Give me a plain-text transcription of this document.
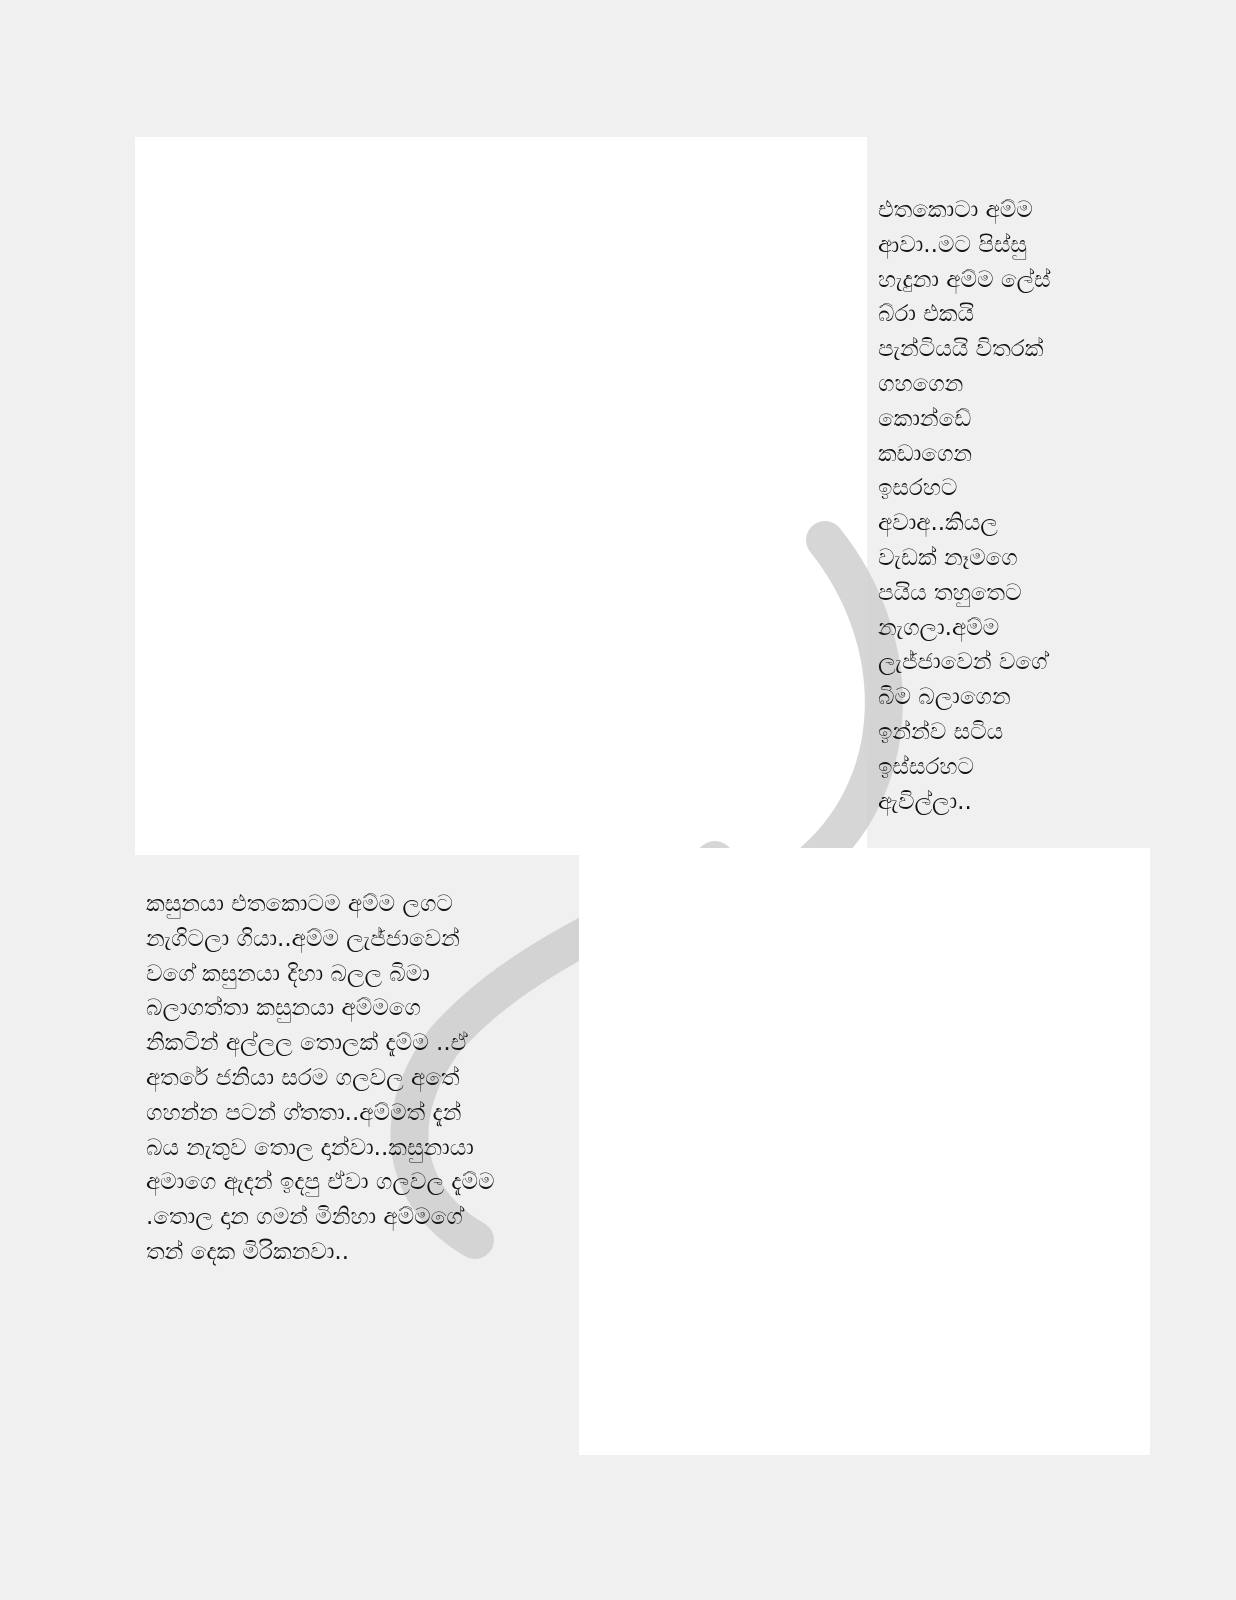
එතකොටා අම්ම
ආවා..මට පිස්සු
හැදුනා අම්ම ලේස්
බ්රා එකයි
පැන්ටියයි විතරක්
ගහගෙන
කොන්ඩේ
කඩාගෙන
ඉසරහට
අවාඅ..කියල
වැඩක් නෑමගෙ
පයිය තහුතෙට
නැගලා.අම්ම
ලැජ්ජාවෙන් වගේ
බිම බලාගෙන
ඉන්න්ව සටිය
ඉස්සරහට
ඇවිල්ලා..
කසුනයා එතකොටම අම්ම ලගට
නැගිටලා ගියා..අම්ම ලැජ්ජාවෙන්
වගේ කසුනයා දිහා බලල බිමා
බලාගත්තා කසුනයා අම්මගෙ
නිකටින් අල්ලල තොලක් දැම්ම ..ඒ
අතරේ ජනියා සරම ගලවල අතේ
ගහන්න පටන් ග්තතා..අම්මත් දැන්
බය නැතුව තොල දාන්වා..කසුනායා
අමාගෙ ඇදන් ඉදපු ඒවා ගලවල දැම්ම
.තොල දාන ගමන් මිනිහා අම්මගේ
තන් දෙක මිරිකනවා..
